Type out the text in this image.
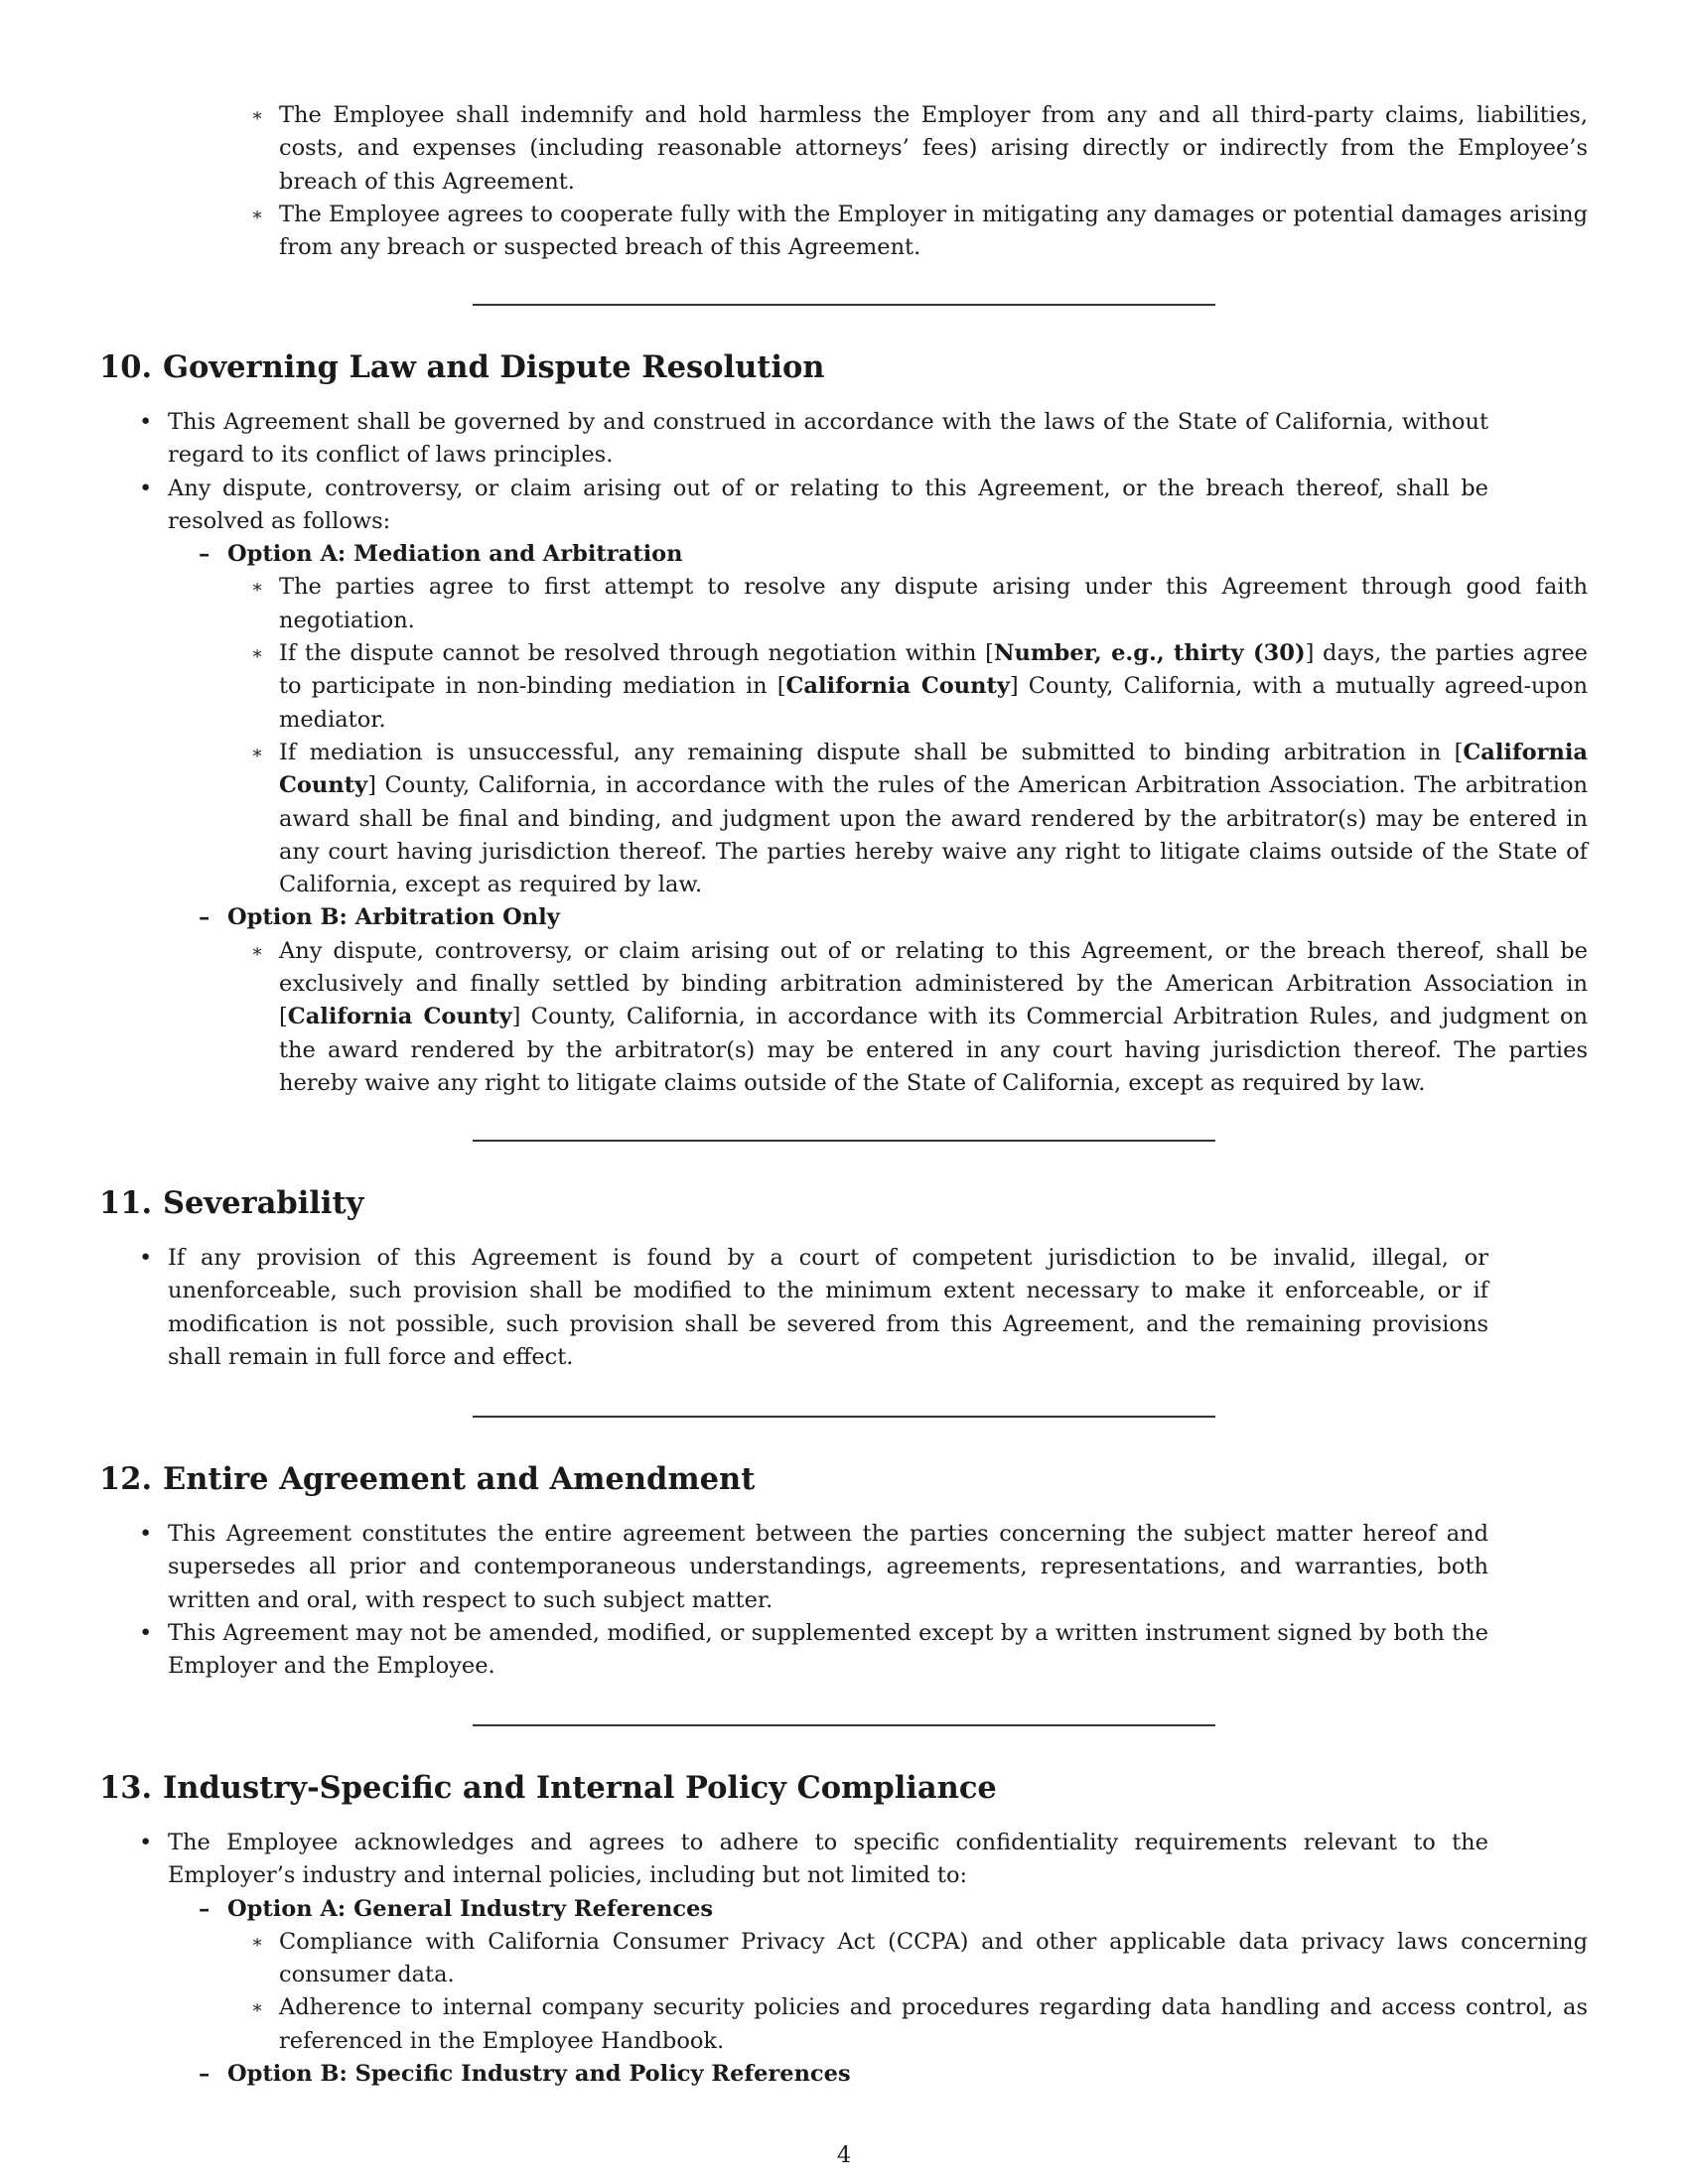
∗ The Employee shall indemnify and hold harmless the Employer from any and all third-party claims, liabilities, costs, and expenses (including reasonable attorneys’ fees) arising directly or indirectly from the Employee’s breach of this Agreement.

∗ The Employee agrees to cooperate fully with the Employer in mitigating any damages or potential damages arising from any breach or suspected breach of this Agreement.

10. Governing Law and Dispute Resolution

• This Agreement shall be governed by and construed in accordance with the laws of the State of California, without regard to its conflict of laws principles.

• Any dispute, controversy, or claim arising out of or relating to this Agreement, or the breach thereof, shall be resolved as follows:

– Option A: Mediation and Arbitration

∗ The parties agree to first attempt to resolve any dispute arising under this Agreement through good faith negotiation.

∗ If the dispute cannot be resolved through negotiation within [Number, e.g., thirty (30)] days, the parties agree to participate in non-binding mediation in [California County] County, California, with a mutually agreed-upon mediator.

∗ If mediation is unsuccessful, any remaining dispute shall be submitted to binding arbitration in [California County] County, California, in accordance with the rules of the American Arbitration Association. The arbitration award shall be final and binding, and judgment upon the award rendered by the arbitrator(s) may be entered in any court having jurisdiction thereof. The parties hereby waive any right to litigate claims outside of the State of California, except as required by law.

– Option B: Arbitration Only

∗ Any dispute, controversy, or claim arising out of or relating to this Agreement, or the breach thereof, shall be exclusively and finally settled by binding arbitration administered by the American Arbitration Association in [California County] County, California, in accordance with its Commercial Arbitration Rules, and judgment on the award rendered by the arbitrator(s) may be entered in any court having jurisdiction thereof. The parties hereby waive any right to litigate claims outside of the State of California, except as required by law.

11. Severability

• If any provision of this Agreement is found by a court of competent jurisdiction to be invalid, illegal, or unenforceable, such provision shall be modified to the minimum extent necessary to make it enforceable, or if modification is not possible, such provision shall be severed from this Agreement, and the remaining provisions shall remain in full force and effect.

12. Entire Agreement and Amendment

• This Agreement constitutes the entire agreement between the parties concerning the subject matter hereof and supersedes all prior and contemporaneous understandings, agreements, representations, and warranties, both written and oral, with respect to such subject matter.

• This Agreement may not be amended, modified, or supplemented except by a written instrument signed by both the Employer and the Employee.

13. Industry-Specific and Internal Policy Compliance

• The Employee acknowledges and agrees to adhere to specific confidentiality requirements relevant to the Employer’s industry and internal policies, including but not limited to:

– Option A: General Industry References

∗ Compliance with California Consumer Privacy Act (CCPA) and other applicable data privacy laws concerning consumer data.

∗ Adherence to internal company security policies and procedures regarding data handling and access control, as referenced in the Employee Handbook.

– Option B: Specific Industry and Policy References

4
